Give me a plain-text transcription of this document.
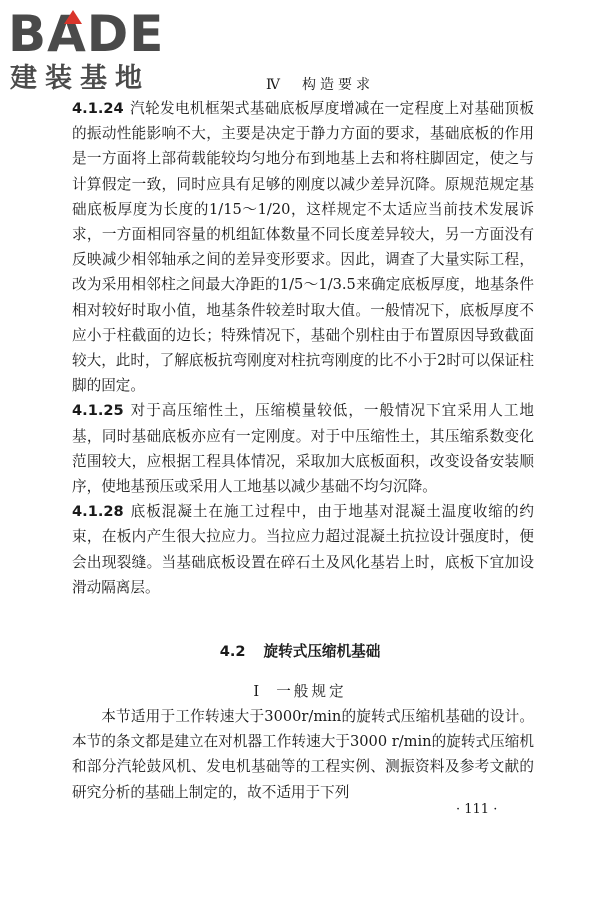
BADE
建装基地	Ⅳ　构造要求

4.1.24 汽轮发电机框架式基础底板厚度增减在一定程度上对基础顶板的振动性能影响不大，主要是决定于静力方面的要求，基础底板的作用是一方面将上部荷载能较均匀地分布到地基上去和将柱脚固定，使之与计算假定一致，同时应具有足够的刚度以减少差异沉降。原规范规定基础底板厚度为长度的1/15～1/20，这样规定不太适应当前技术发展诉求，一方面相同容量的机组缸体数量不同长度差异较大，另一方面没有反映减少相邻轴承之间的差异变形要求。因此，调查了大量实际工程，改为采用相邻柱之间最大净距的1/5～1/3.5来确定底板厚度，地基条件相对较好时取小值，地基条件较差时取大值。一般情况下，底板厚度不应小于柱截面的边长；特殊情况下，基础个别柱由于布置原因导致截面较大，此时，了解底板抗弯刚度对柱抗弯刚度的比不小于2时可以保证柱脚的固定。

4.1.25 对于高压缩性土，压缩模量较低，一般情况下宜采用人工地基，同时基础底板亦应有一定刚度。对于中压缩性土，其压缩系数变化范围较大，应根据工程具体情况，采取加大底板面积，改变设备安装顺序，使地基预压或采用人工地基以减少基础不均匀沉降。

4.1.28 底板混凝土在施工过程中，由于地基对混凝土温度收缩的约束，在板内产生很大拉应力。当拉应力超过混凝土抗拉设计强度时，便会出现裂缝。当基础底板设置在碎石土及风化基岩上时，底板下宜加设滑动隔离层。

4.2 旋转式压缩机基础
Ⅰ 一般规定

本节适用于工作转速大于3000r/min的旋转式压缩机基础的设计。本节的条文都是建立在对机器工作转速大于3000 r/min的旋转式压缩机和部分汽轮鼓风机、发电机基础等的工程实例、测振资料及参考文献的研究分析的基础上制定的，故不适用于下列

· 111 ·
